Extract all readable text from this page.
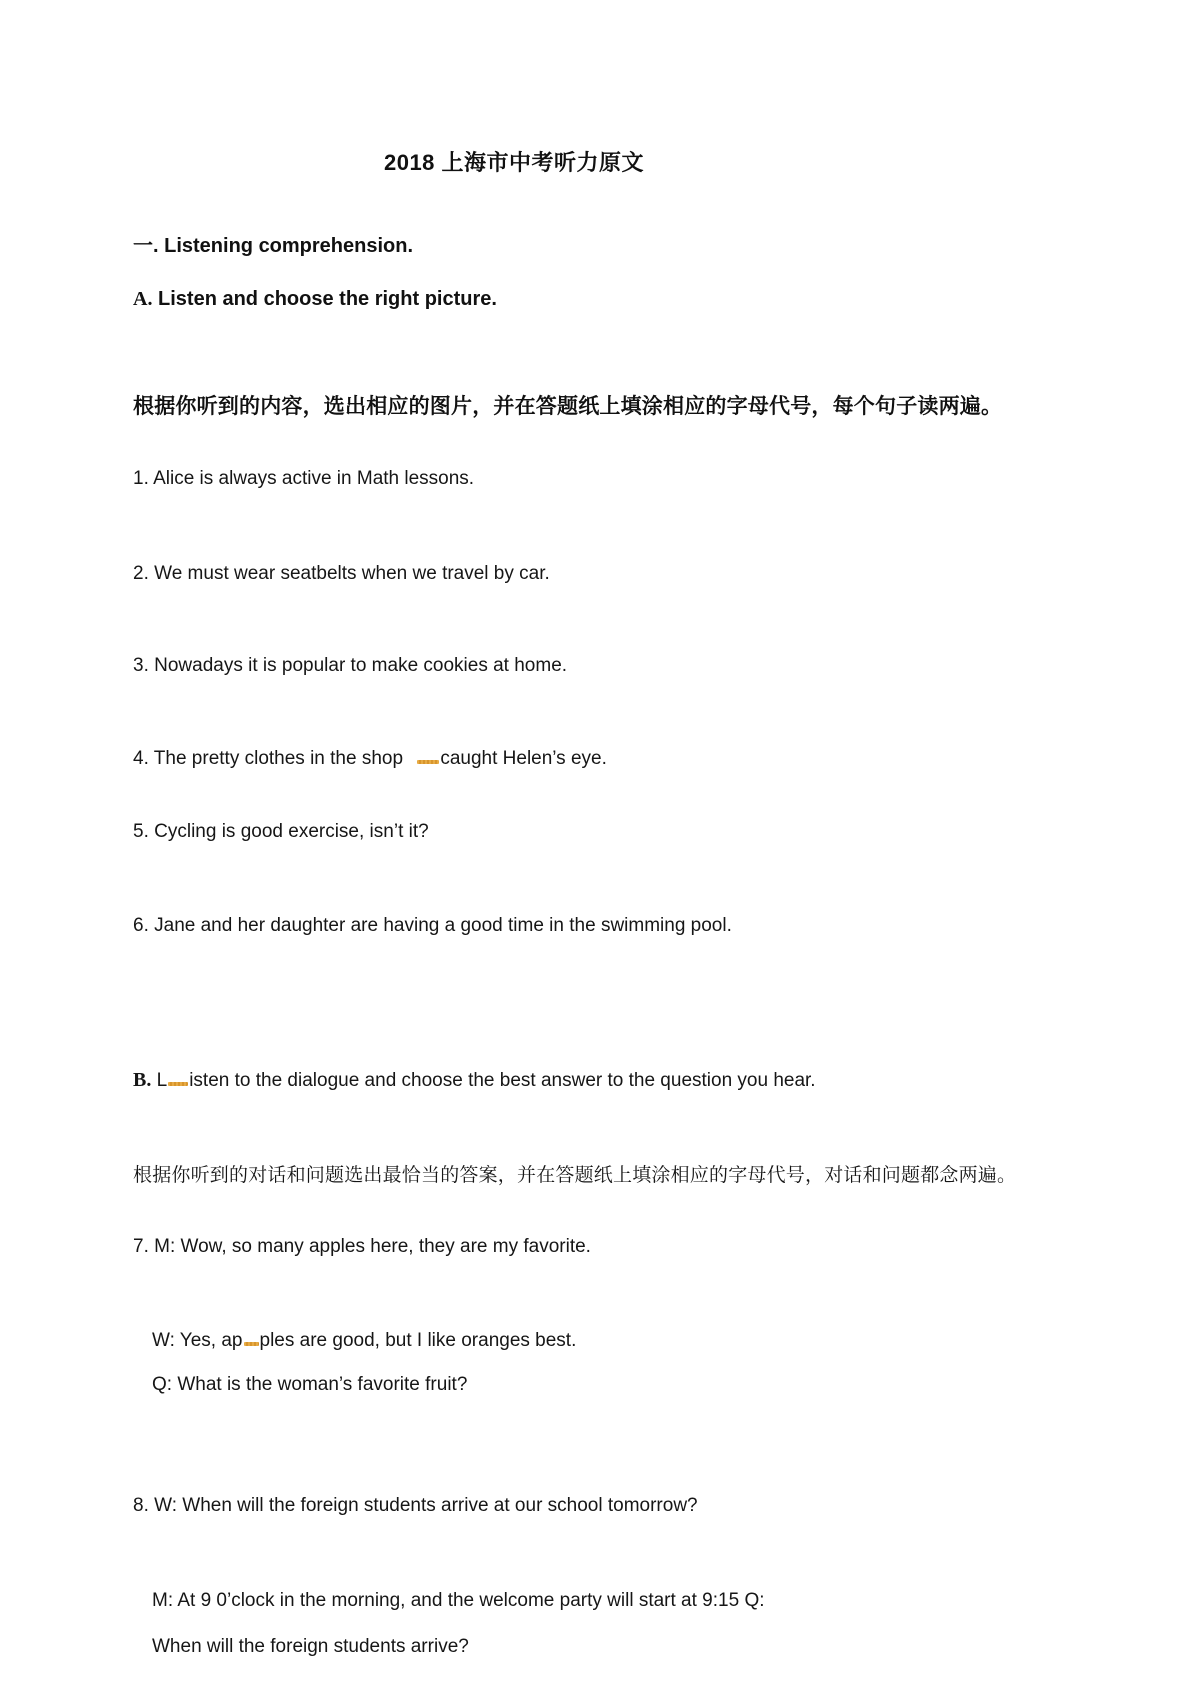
2018 上海市中考听力原文

一. Listening comprehension.

A. Listen and choose the right picture.

根据你听到的内容，选出相应的图片，并在答题纸上填涂相应的字母代号，每个句子读两遍。

1. Alice is always active in Math lessons.

2. We must wear seatbelts when we travel by car.

3. Nowadays it is popular to make cookies at home.

4. The pretty clothes in the shop caught Helen’s eye.

5. Cycling is good exercise, isn’t it?

6. Jane and her daughter are having a good time in the swimming pool.

B. L isten to the dialogue and choose the best answer to the question you hear.

根据你听到的对话和问题选出最恰当的答案，并在答题纸上填涂相应的字母代号，对话和问题都念两遍。

7. M: Wow, so many apples here, they are my favorite.

W: Yes, ap ples are good, but I like oranges best.

Q: What is the woman’s favorite fruit?

8. W: When will the foreign students arrive at our school tomorrow?

M: At 9 0’clock in the morning, and the welcome party will start at 9:15 Q:

When will the foreign students arrive?
